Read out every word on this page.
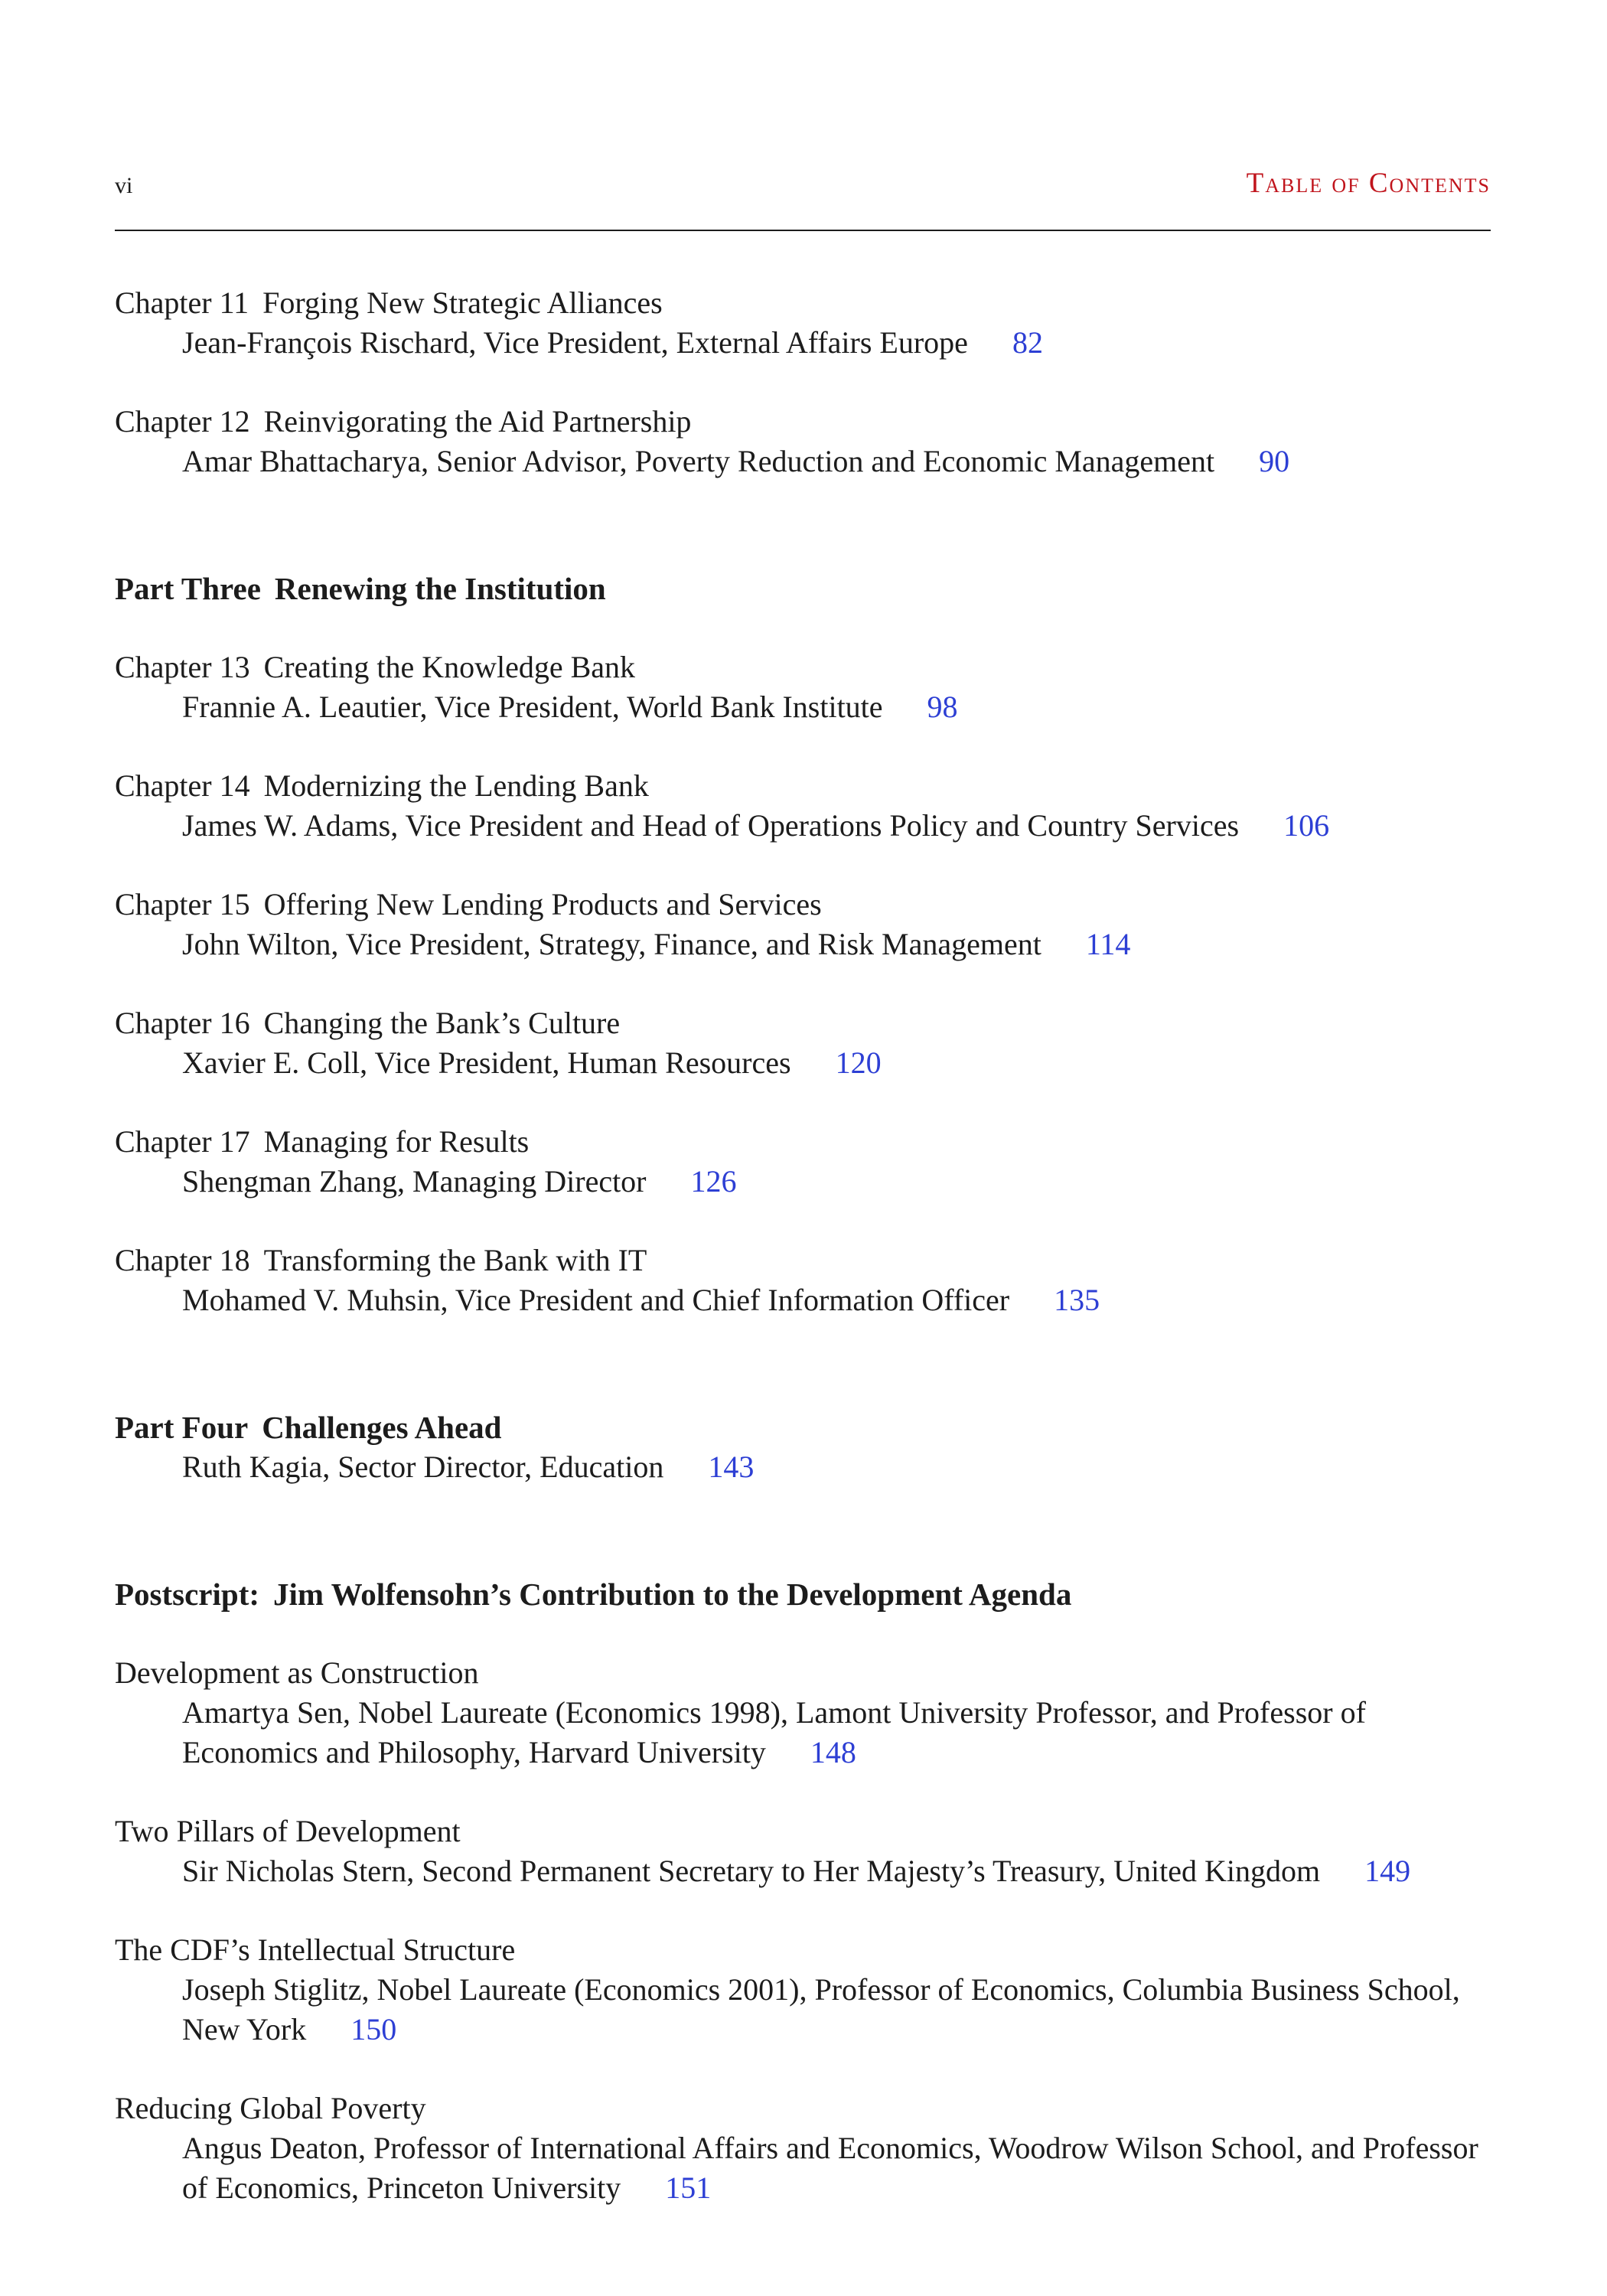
vi	Table of Contents
Chapter 11 Forging New Strategic Alliances
Jean-François Rischard, Vice President, External Affairs Europe 82
Chapter 12 Reinvigorating the Aid Partnership
Amar Bhattacharya, Senior Advisor, Poverty Reduction and Economic Management 90
Part Three Renewing the Institution
Chapter 13 Creating the Knowledge Bank
Frannie A. Leautier, Vice President, World Bank Institute 98
Chapter 14 Modernizing the Lending Bank
James W. Adams, Vice President and Head of Operations Policy and Country Services 106
Chapter 15 Offering New Lending Products and Services
John Wilton, Vice President, Strategy, Finance, and Risk Management 114
Chapter 16 Changing the Bank’s Culture
Xavier E. Coll, Vice President, Human Resources 120
Chapter 17 Managing for Results
Shengman Zhang, Managing Director 126
Chapter 18 Transforming the Bank with IT
Mohamed V. Muhsin, Vice President and Chief Information Officer 135
Part Four Challenges Ahead
Ruth Kagia, Sector Director, Education 143
Postscript: Jim Wolfensohn’s Contribution to the Development Agenda
Development as Construction
Amartya Sen, Nobel Laureate (Economics 1998), Lamont University Professor, and Professor of Economics and Philosophy, Harvard University 148
Two Pillars of Development
Sir Nicholas Stern, Second Permanent Secretary to Her Majesty’s Treasury, United Kingdom 149
The CDF’s Intellectual Structure
Joseph Stiglitz, Nobel Laureate (Economics 2001), Professor of Economics, Columbia Business School, New York 150
Reducing Global Poverty
Angus Deaton, Professor of International Affairs and Economics, Woodrow Wilson School, and Professor of Economics, Princeton University 151
